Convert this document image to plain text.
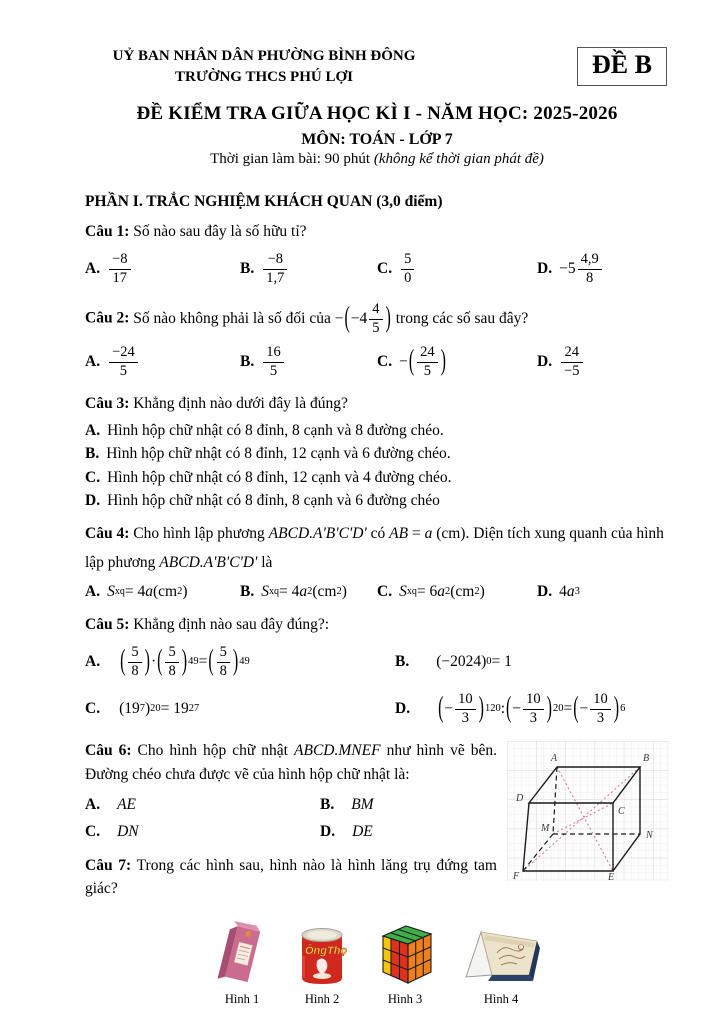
UỶ BAN NHÂN DÂN PHƯỜNG BÌNH ĐÔNG
TRƯỜNG THCS PHÚ LỢI	ĐỀ B
ĐỀ KIỂM TRA GIỮA HỌC KÌ I - NĂM HỌC: 2025-2026
MÔN: TOÁN - LỚP 7
Thời gian làm bài: 90 phút (không kể thời gian phát đề)
PHẦN I. TRẮC NGHIỆM KHÁCH QUAN (3,0 điểm)

Câu 1: Số nào sau đây là số hữu tỉ?

A.
−8
17
B.
−8
1,7
C.
5
0
D. −5
4,9
8

Câu 2: Số nào không phải là số đối của $-(-4 \frac{4}{5}$ ) trong các số sau đây?

A.
−24
5
B.
16
5
C. − ( 24
5 )	D.
24
−5

Câu 3: Khẳng định nào dưới đây là đúng?

A. Hình hộp chữ nhật có 8 đỉnh, 8 cạnh và 8 đường chéo.
B. Hình hộp chữ nhật có 8 đỉnh, 12 cạnh và 6 đường chéo.
C. Hình hộp chữ nhật có 8 đỉnh, 12 cạnh và 4 đường chéo.
D. Hình hộp chữ nhật có 8 đỉnh, 8 cạnh và 6 đường chéo

Câu 4: Cho hình lập phương ABCD.A'B'C'D' có AB = a (cm). Diện tích xung quanh của hình lập phương ABCD.A'B'C'D' là

A. S xq = 4 a (cm 2 )	B. S xq = 4 a 2 (cm 2 ) C. S xq = 6 a 2 (cm 2 )	D. 4 a 3

Câu 5: Khẳng định nào sau đây đúng?:

A. ( 5
8 ) · ( 5
8 ) 49 = ( 5
8 ) 49	B. (−2024) 0 = 1
C. (19 7 ) 20 = 19 27	D. ( −
10
3 ) 120 : ( −
10
3 ) 20 = ( −
10
3 ) 6
A	B
C
D
M
N
E
F

Câu 6: Cho hình hộp chữ nhật ABCD.MNEF như hình vẽ bên. Đường chéo chưa được vẽ của hình hộp chữ nhật là:

A. AE	B. BM
C. DN	D. DE

Câu 7: Trong các hình sau, hình nào là hình lăng trụ đứng tam giác?

Hình 1
ÔngThọ
Hình 2	Hình 3	Hình 4
